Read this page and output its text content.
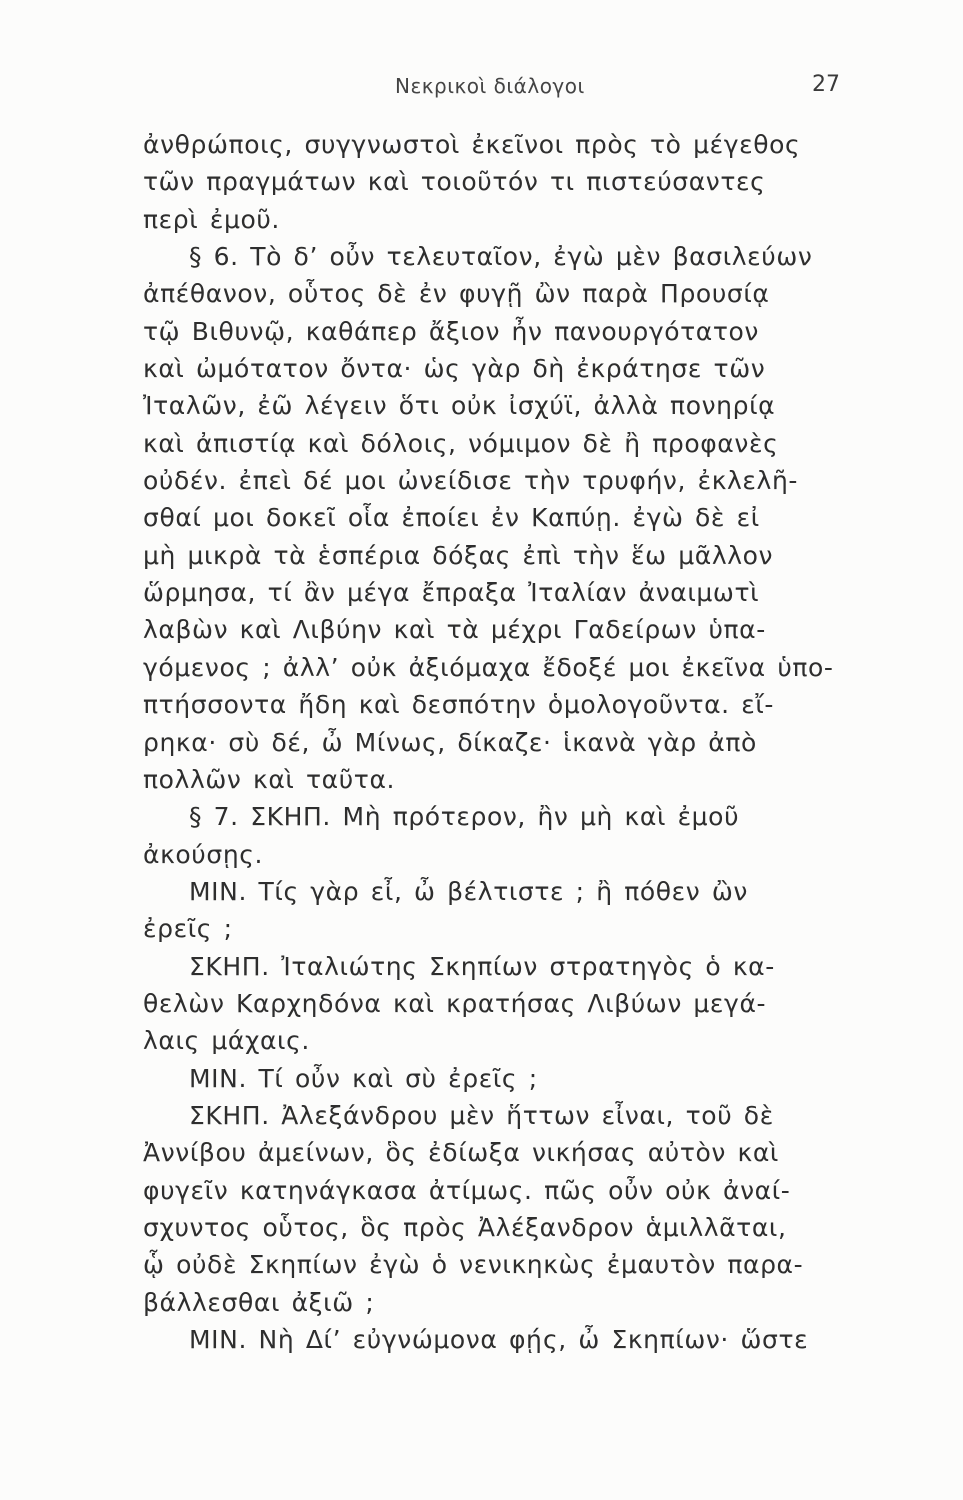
Νεκρικοὶ διάλογοι	27
ἀνθρώποις, συγγνωστοὶ ἐκεῖνοι πρὸς τὸ μέγεθος
τῶν πραγμάτων καὶ τοιοῦτόν τι πιστεύσαντες
περὶ ἐμοῦ.
§ 6. Τὸ δ’ οὖν τελευταῖον, ἐγὼ μὲν βασιλεύων
ἀπέθανον, οὗτος δὲ ἐν φυγῇ ὢν παρὰ Προυσίᾳ
τῷ Βιθυνῷ, καθάπερ ἄξιον ἦν πανουργότατον
καὶ ὠμότατον ὄντα· ὡς γὰρ δὴ ἐκράτησε τῶν
Ἰταλῶν, ἐῶ λέγειν ὅτι οὐκ ἰσχύϊ, ἀλλὰ πονηρίᾳ
καὶ ἀπιστίᾳ καὶ δόλοις, νόμιμον δὲ ἢ προφανὲς
οὐδέν. ἐπεὶ δέ μοι ὠνείδισε τὴν τρυφήν, ἐκλελῆ-
σθαί μοι δοκεῖ οἷα ἐποίει ἐν Καπύῃ. ἐγὼ δὲ εἰ
μὴ μικρὰ τὰ ἑσπέρια δόξας ἐπὶ τὴν ἕω μᾶλλον
ὥρμησα, τί ἂν μέγα ἔπραξα Ἰταλίαν ἀναιμωτὶ
λαβὼν καὶ Λιβύην καὶ τὰ μέχρι Γαδείρων ὑπα-
γόμενος ; ἀλλ’ οὐκ ἀξιόμαχα ἔδοξέ μοι ἐκεῖνα ὑπο-
πτήσσοντα ἤδη καὶ δεσπότην ὁμολογοῦντα. εἴ-
ρηκα· σὺ δέ, ὦ Μίνως, δίκαζε· ἱκανὰ γὰρ ἀπὸ
πολλῶν καὶ ταῦτα.
§ 7. ΣΚΗΠ. Μὴ πρότερον, ἢν μὴ καὶ ἐμοῦ
ἀκούσῃς.
ΜΙΝ. Τίς γὰρ εἶ, ὦ βέλτιστε ; ἢ πόθεν ὢν
ἐρεῖς ;
ΣΚΗΠ. Ἰταλιώτης Σκηπίων στρατηγὸς ὁ κα-
θελὼν Καρχηδόνα καὶ κρατήσας Λιβύων μεγά-
λαις μάχαις.
ΜΙΝ. Τί οὖν καὶ σὺ ἐρεῖς ;
ΣΚΗΠ. Ἀλεξάνδρου μὲν ἥττων εἶναι, τοῦ δὲ
Ἀννίβου ἀμείνων, ὃς ἐδίωξα νικήσας αὐτὸν καὶ
φυγεῖν κατηνάγκασα ἀτίμως. πῶς οὖν οὐκ ἀναί-
σχυντος οὗτος, ὃς πρὸς Ἀλέξανδρον ἁμιλλᾶται,
ᾧ οὐδὲ Σκηπίων ἐγὼ ὁ νενικηκὼς ἐμαυτὸν παρα-
βάλλεσθαι ἀξιῶ ;
ΜΙΝ. Νὴ Δί’ εὐγνώμονα φῄς, ὦ Σκηπίων· ὥστε
